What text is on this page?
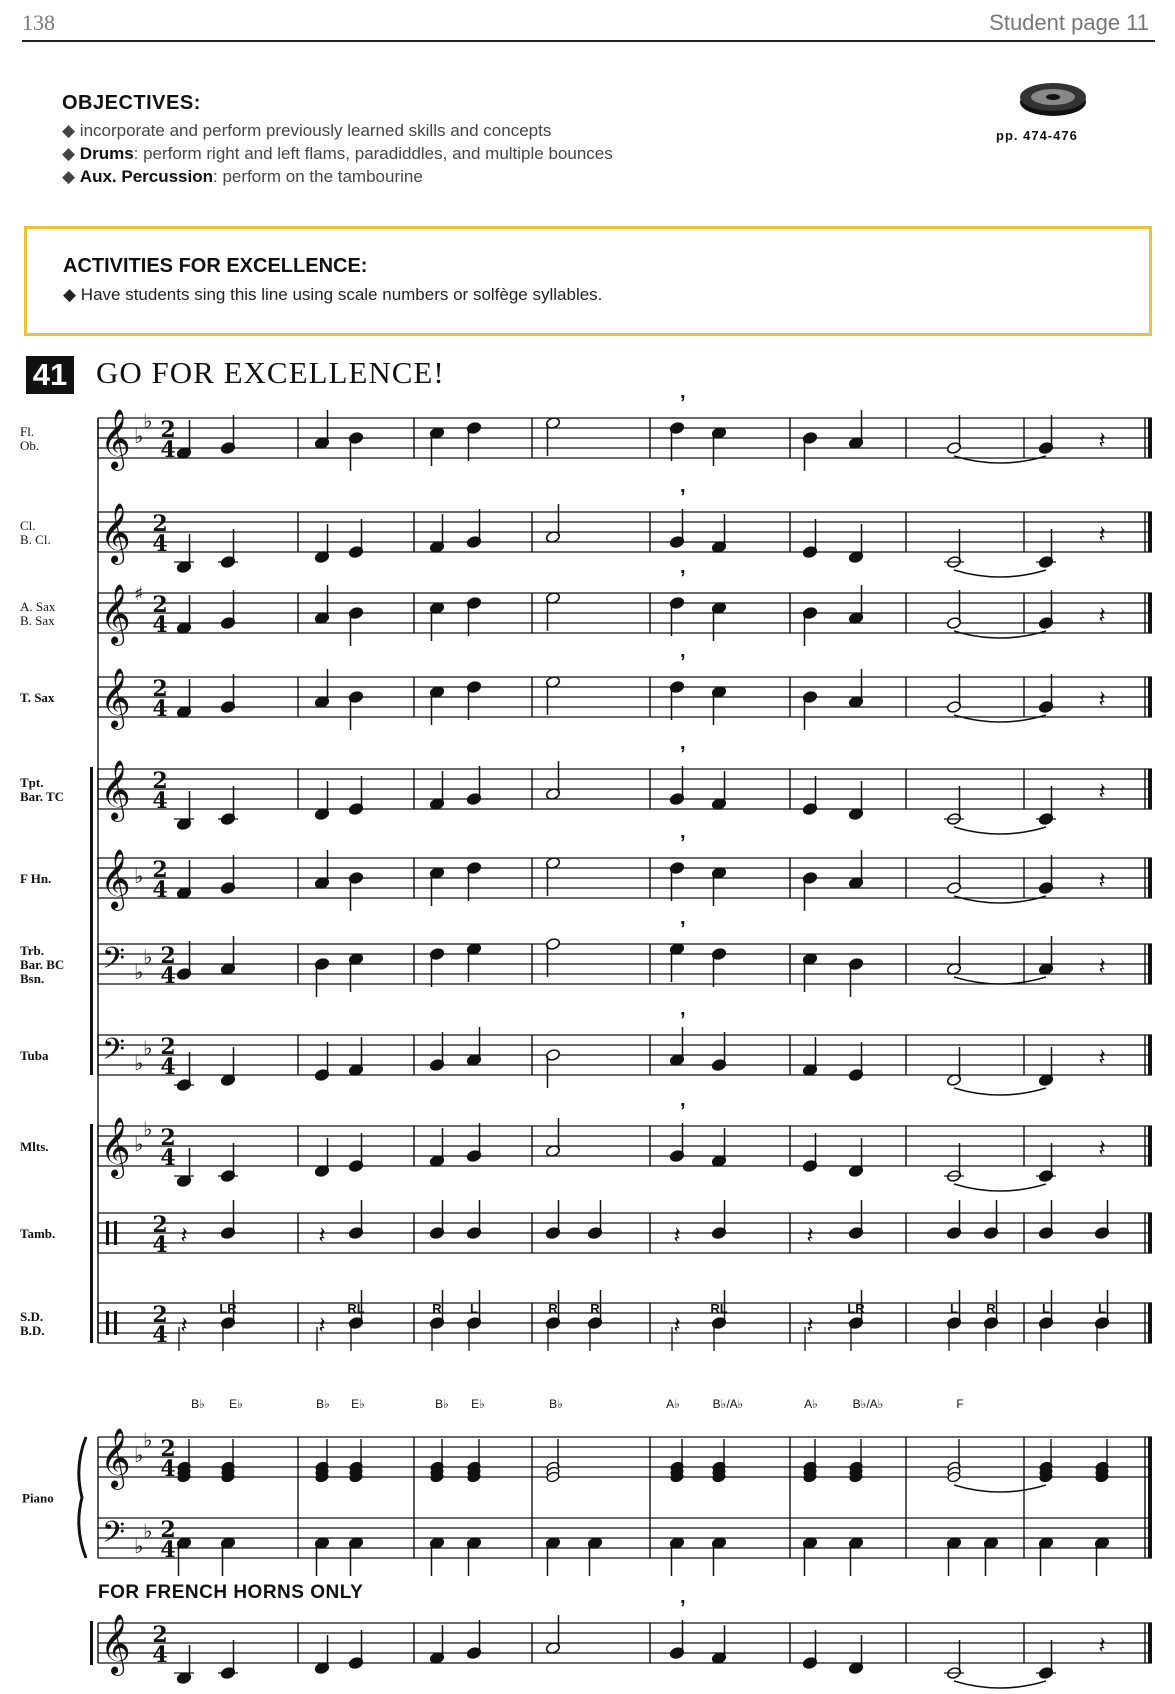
138	Student page 11
OBJECTIVES:
◆ incorporate and perform previously learned skills and concepts
◆ Drums: perform right and left flams, paradiddles, and multiple bounces
◆ Aux. Percussion: perform on the tambourine
pp. 474-476
ACTIVITIES FOR EXCELLENCE:
◆ Have students sing this line using scale numbers or solfège syllables.
41 GO FOR EXCELLENCE!
Fl.
Ob. 𝄞 ♭
♭ 2
4	𝄽
,
Cl.
B. Cl. 𝄞 2
4	𝄽
,
A. Sax
B. Sax 𝄞 ♯ 2
4	𝄽
,
T. Sax 𝄞 2
4	𝄽
,
Tpt.
Bar. TC 𝄞 2
4	𝄽
,
F Hn. 𝄞 ♭ 2
4	𝄽
,
Trb.
Bar. BC
Bsn. 𝄢 ♭
♭ 2
4	𝄽
,
Tuba 𝄢 ♭
♭ 2
4	𝄽
,
Mlts. 𝄞 ♭
♭ 2
4	𝄽
,
Tamb.	2
4 𝄽	𝄽	𝄽	𝄽
S.D.
B.D.
2
4 𝄽	𝄽	𝄽	𝄽
LR	RL	R L	R	R	RL	LR	L R	L	L
B♭ E♭	B♭ E♭	B♭ E♭	B♭	A♭	B♭/A♭	A♭	B♭/A♭	F
Piano
𝄞
𝄢
♭
♭
♭
♭
2
4
2
4
𝄞 2
4	𝄽
,
FOR FRENCH HORNS ONLY
